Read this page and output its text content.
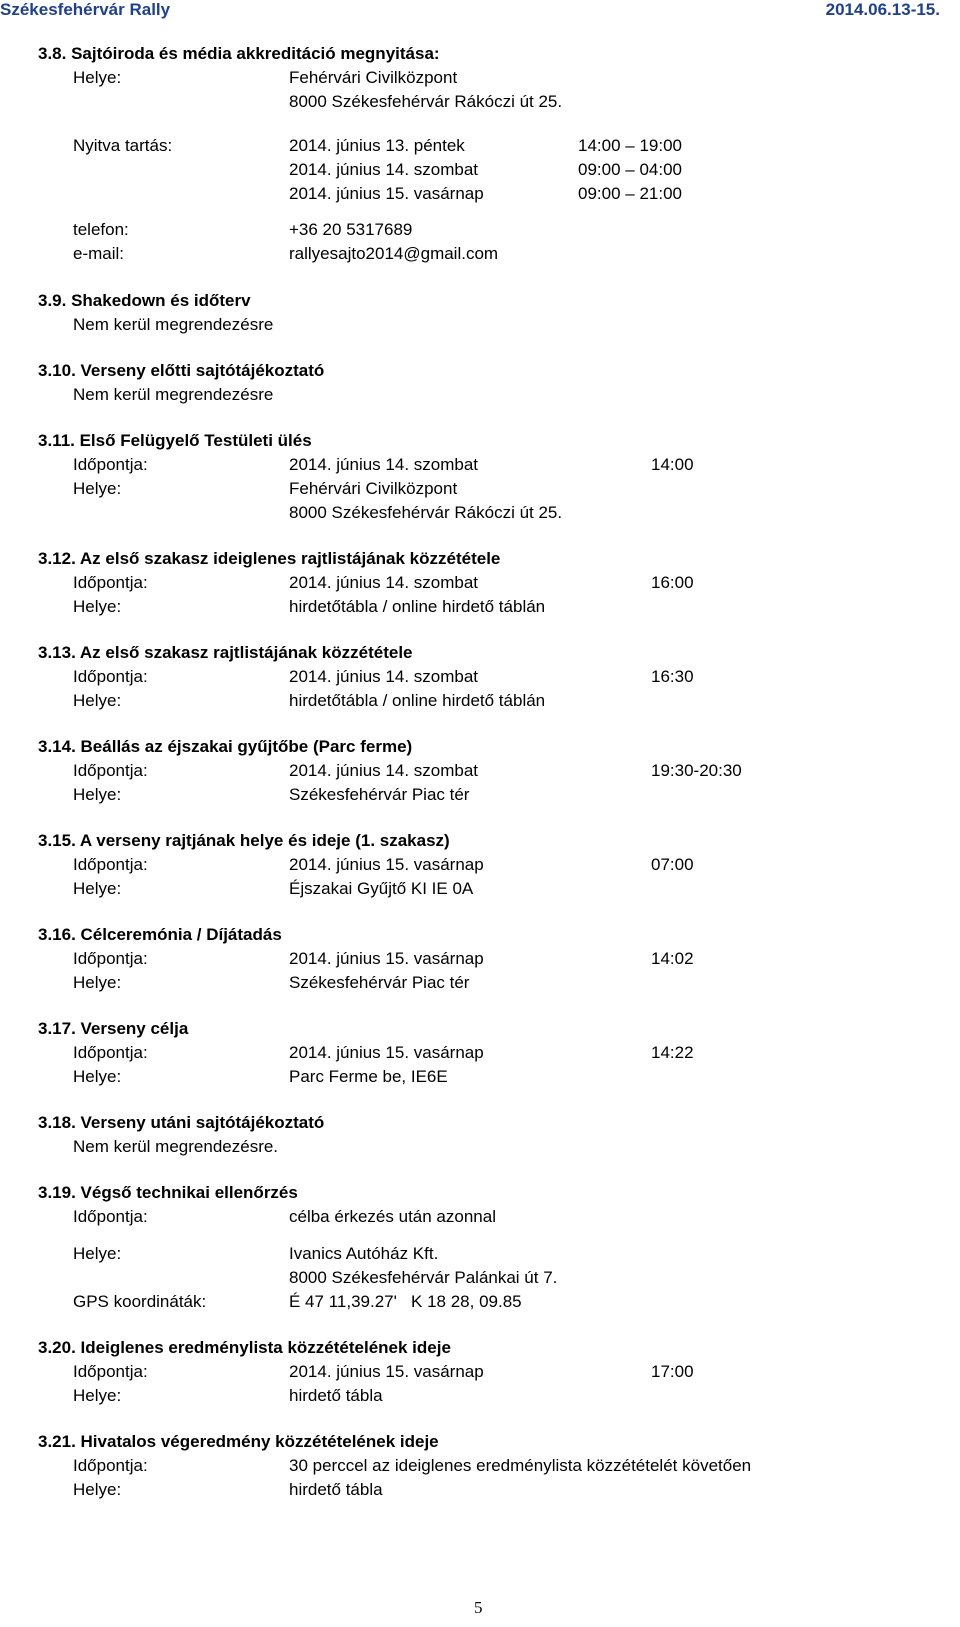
Székesfehérvár Rally	2014.06.13-15.
3.8. Sajtóiroda és média akkreditáció megnyitása:
Helye:	Fehérvári Civilközpont
8000 Székesfehérvár Rákóczi út 25.
Nyitva tartás:	2014. június 13. péntek	14:00 – 19:00
2014. június 14. szombat	09:00 – 04:00
2014. június 15. vasárnap	09:00 – 21:00
telefon:	+36 20 5317689
e-mail:	rallyesajto2014@gmail.com
3.9. Shakedown és időterv
Nem kerül megrendezésre
3.10. Verseny előtti sajtótájékoztató
Nem kerül megrendezésre
3.11. Első Felügyelő Testületi ülés
Időpontja:	2014. június 14. szombat	14:00
Helye:	Fehérvári Civilközpont
8000 Székesfehérvár Rákóczi út 25.
3.12. Az első szakasz ideiglenes rajtlistájának közzététele
Időpontja:	2014. június 14. szombat	16:00
Helye:	hirdetőtábla / online hirdető táblán
3.13. Az első szakasz rajtlistájának közzététele
Időpontja:	2014. június 14. szombat	16:30
Helye:	hirdetőtábla / online hirdető táblán
3.14. Beállás az éjszakai gyűjtőbe (Parc ferme)
Időpontja:	2014. június 14. szombat	19:30-20:30
Helye:	Székesfehérvár Piac tér
3.15. A verseny rajtjának helye és ideje (1. szakasz)
Időpontja:	2014. június 15. vasárnap	07:00
Helye:	Éjszakai Gyűjtő KI IE 0A
3.16. Célceremónia / Díjátadás
Időpontja:	2014. június 15. vasárnap	14:02
Helye:	Székesfehérvár Piac tér
3.17. Verseny célja
Időpontja:	2014. június 15. vasárnap	14:22
Helye:	Parc Ferme be, IE6E
3.18. Verseny utáni sajtótájékoztató
Nem kerül megrendezésre.
3.19. Végső technikai ellenőrzés
Időpontja:	célba érkezés után azonnal
Helye:	Ivanics Autóház Kft.
8000 Székesfehérvár Palánkai út 7.
GPS koordináták:	É 47 11,39.27'   K 18 28, 09.85
3.20. Ideiglenes eredménylista közzétételének ideje
Időpontja:	2014. június 15. vasárnap	17:00
Helye:	hirdető tábla
3.21. Hivatalos végeredmény közzétételének ideje
Időpontja:	30 perccel az ideiglenes eredménylista közzétételét követően
Helye:	hirdető tábla
5
